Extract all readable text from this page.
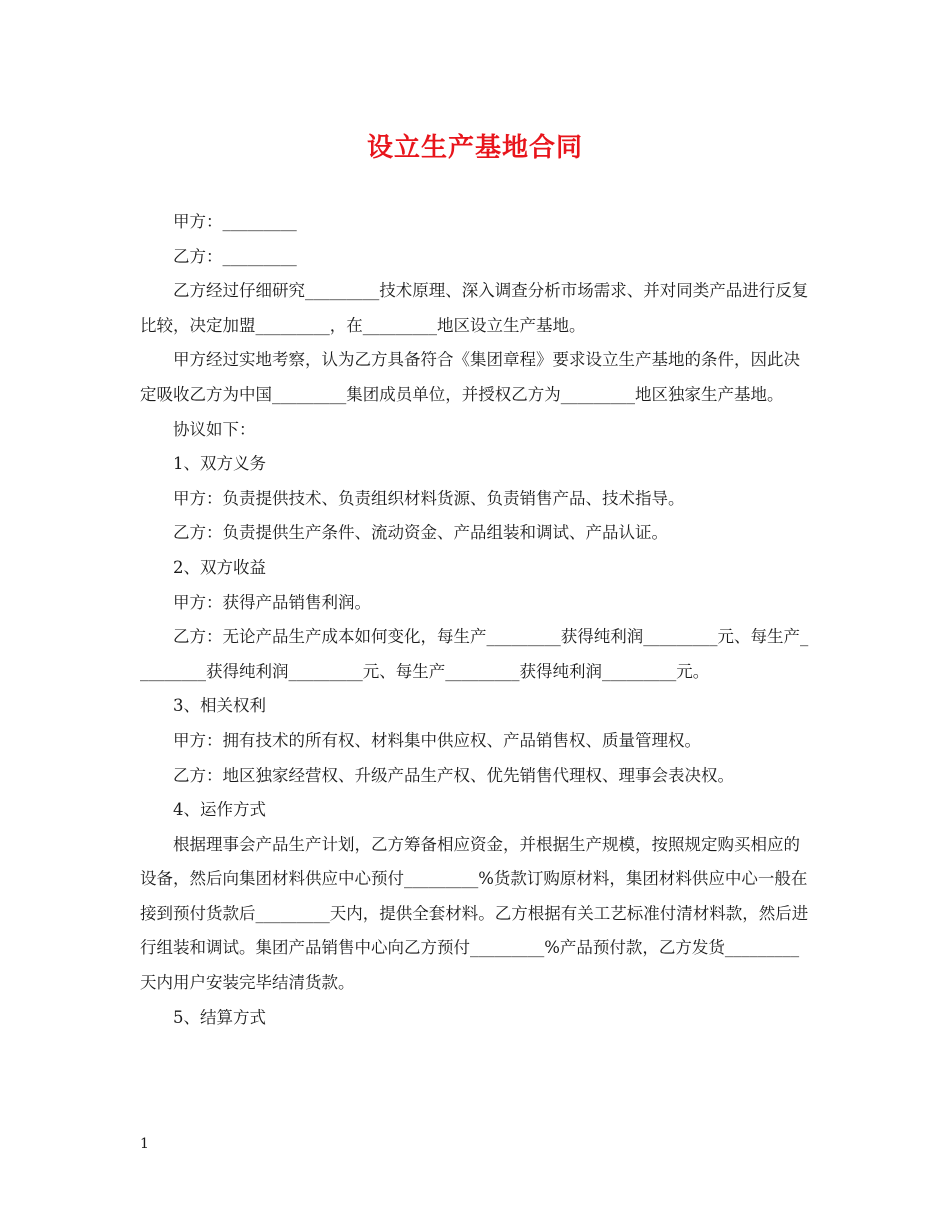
设立生产基地合同

甲方：_________

乙方：_________

乙方经过仔细研究_________技术原理、深入调查分析市场需求、并对同类产品进行反复比较，决定加盟_________，在_________地区设立生产基地。

甲方经过实地考察，认为乙方具备符合《集团章程》要求设立生产基地的条件，因此决定吸收乙方为中国_________集团成员单位，并授权乙方为_________地区独家生产基地。

协议如下：

1、双方义务

甲方：负责提供技术、负责组织材料货源、负责销售产品、技术指导。

乙方：负责提供生产条件、流动资金、产品组装和调试、产品认证。

2、双方收益

甲方：获得产品销售利润。

乙方：无论产品生产成本如何变化，每生产_________获得纯利润_________元、每生产_________获得纯利润_________元、每生产_________获得纯利润_________元。

3、相关权利

甲方：拥有技术的所有权、材料集中供应权、产品销售权、质量管理权。

乙方：地区独家经营权、升级产品生产权、优先销售代理权、理事会表决权。

4、运作方式

根据理事会产品生产计划，乙方筹备相应资金，并根据生产规模，按照规定购买相应的设备，然后向集团材料供应中心预付_________%货款订购原材料，集团材料供应中心一般在接到预付货款后_________天内，提供全套材料。乙方根据有关工艺标准付清材料款，然后进行组装和调试。集团产品销售中心向乙方预付_________%产品预付款，乙方发货_________天内用户安装完毕结清货款。

5、结算方式

1
